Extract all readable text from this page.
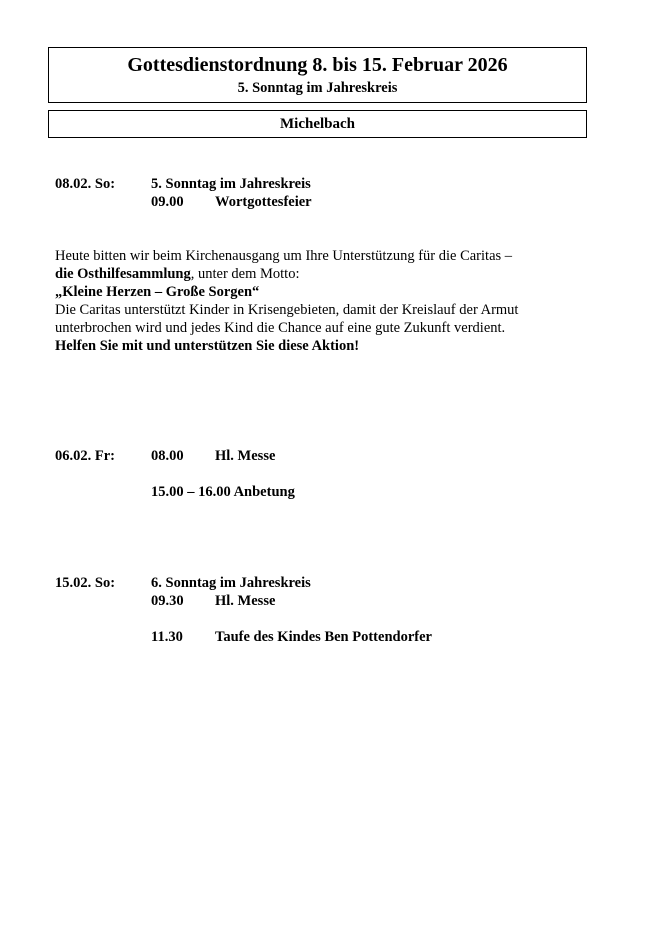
Gottesdienstordnung 8. bis 15. Februar 2026
5. Sonntag im Jahreskreis
Michelbach
08.02. So: 5. Sonntag im Jahreskreis
09.00 Wortgottesfeier
Heute bitten wir beim Kirchenausgang um Ihre Unterstützung für die Caritas –
die Osthilfesammlung, unter dem Motto:
„Kleine Herzen – Große Sorgen“
Die Caritas unterstützt Kinder in Krisengebieten, damit der Kreislauf der Armut
unterbrochen wird und jedes Kind die Chance auf eine gute Zukunft verdient.
Helfen Sie mit und unterstützen Sie diese Aktion!
06.02. Fr: 08.00 Hl. Messe
15.00 – 16.00 Anbetung
15.02. So: 6. Sonntag im Jahreskreis
09.30 Hl. Messe
11.30 Taufe des Kindes Ben Pottendorfer
